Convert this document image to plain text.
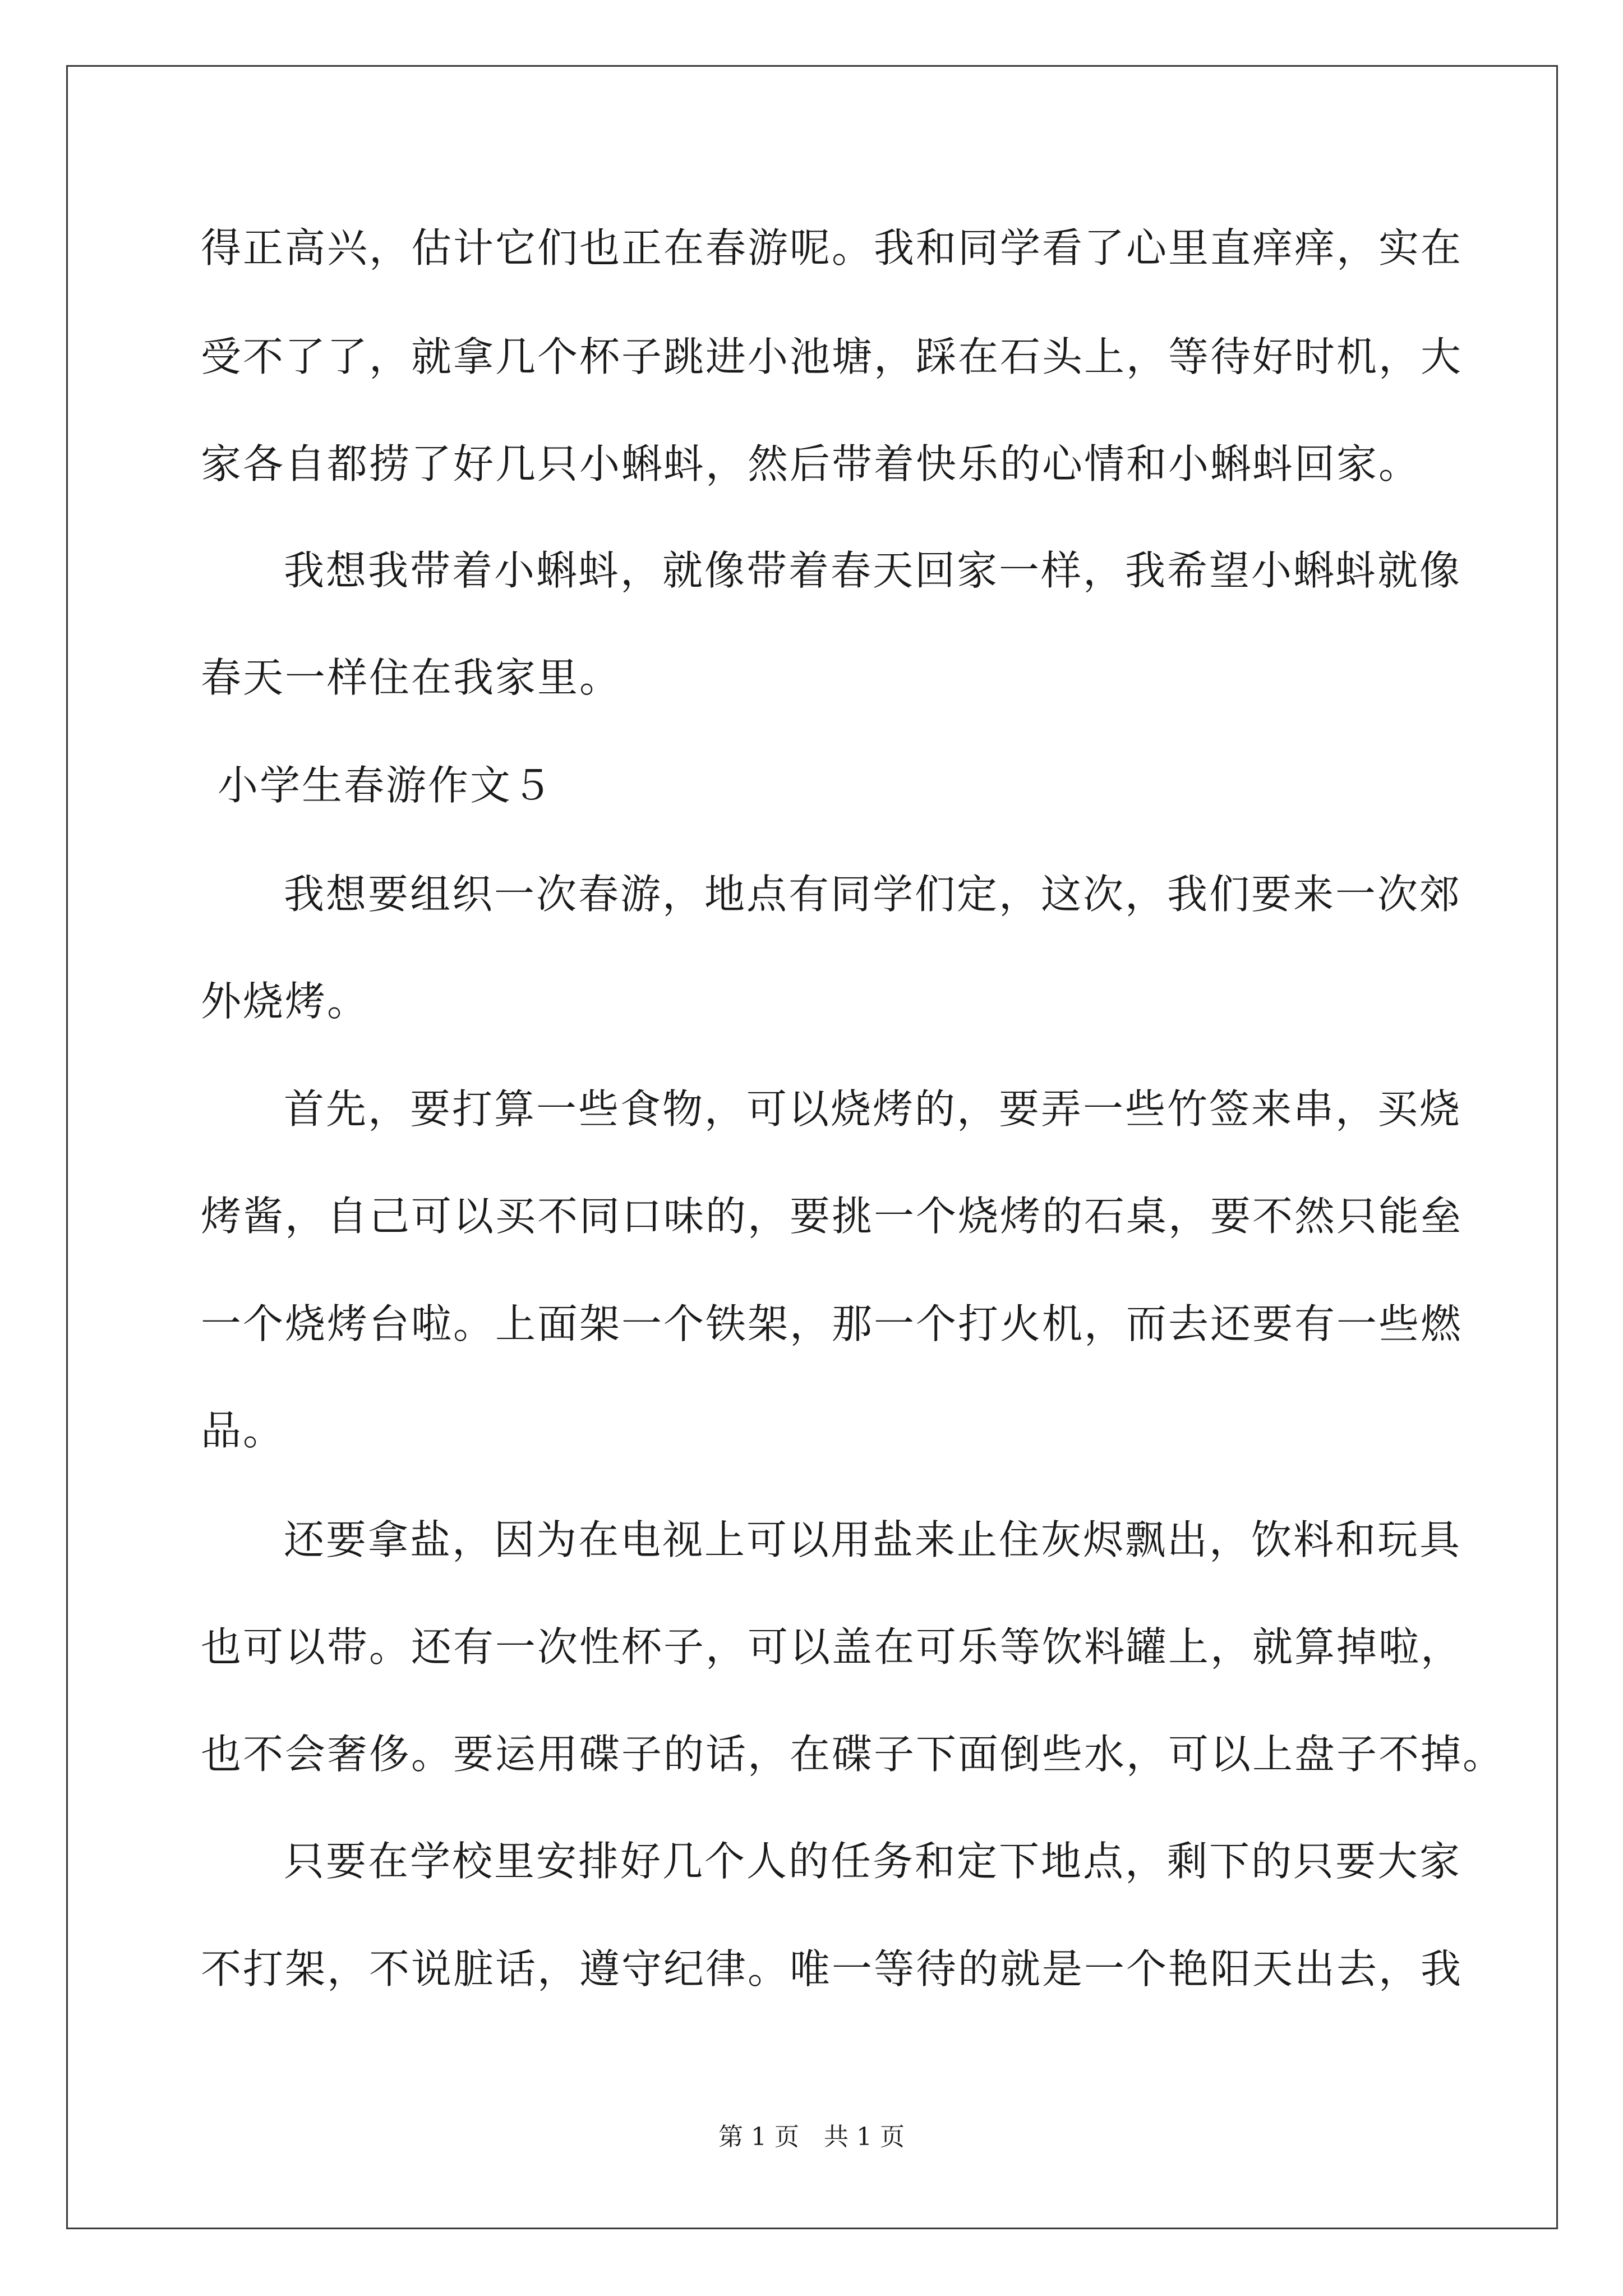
得正高兴，估计它们也正在春游呢。我和同学看了心里直痒痒，实在
受不了了，就拿几个杯子跳进小池塘，踩在石头上，等待好时机，大
家各自都捞了好几只小蝌蚪，然后带着快乐的心情和小蝌蚪回家。
我想我带着小蝌蚪，就像带着春天回家一样，我希望小蝌蚪就像
春天一样住在我家里。
小学生春游作文５
我想要组织一次春游，地点有同学们定，这次，我们要来一次郊
外烧烤。
首先，要打算一些食物，可以烧烤的，要弄一些竹签来串，买烧
烤酱，自己可以买不同口味的，要挑一个烧烤的石桌，要不然只能垒
一个烧烤台啦。上面架一个铁架，那一个打火机，而去还要有一些燃
品。
还要拿盐，因为在电视上可以用盐来止住灰烬飘出，饮料和玩具
也可以带。还有一次性杯子，可以盖在可乐等饮料罐上，就算掉啦，
也不会奢侈。要运用碟子的话，在碟子下面倒些水，可以上盘子不掉。
只要在学校里安排好几个人的任务和定下地点，剩下的只要大家
不打架，不说脏话，遵守纪律。唯一等待的就是一个艳阳天出去，我
第 1 页　共 1 页
